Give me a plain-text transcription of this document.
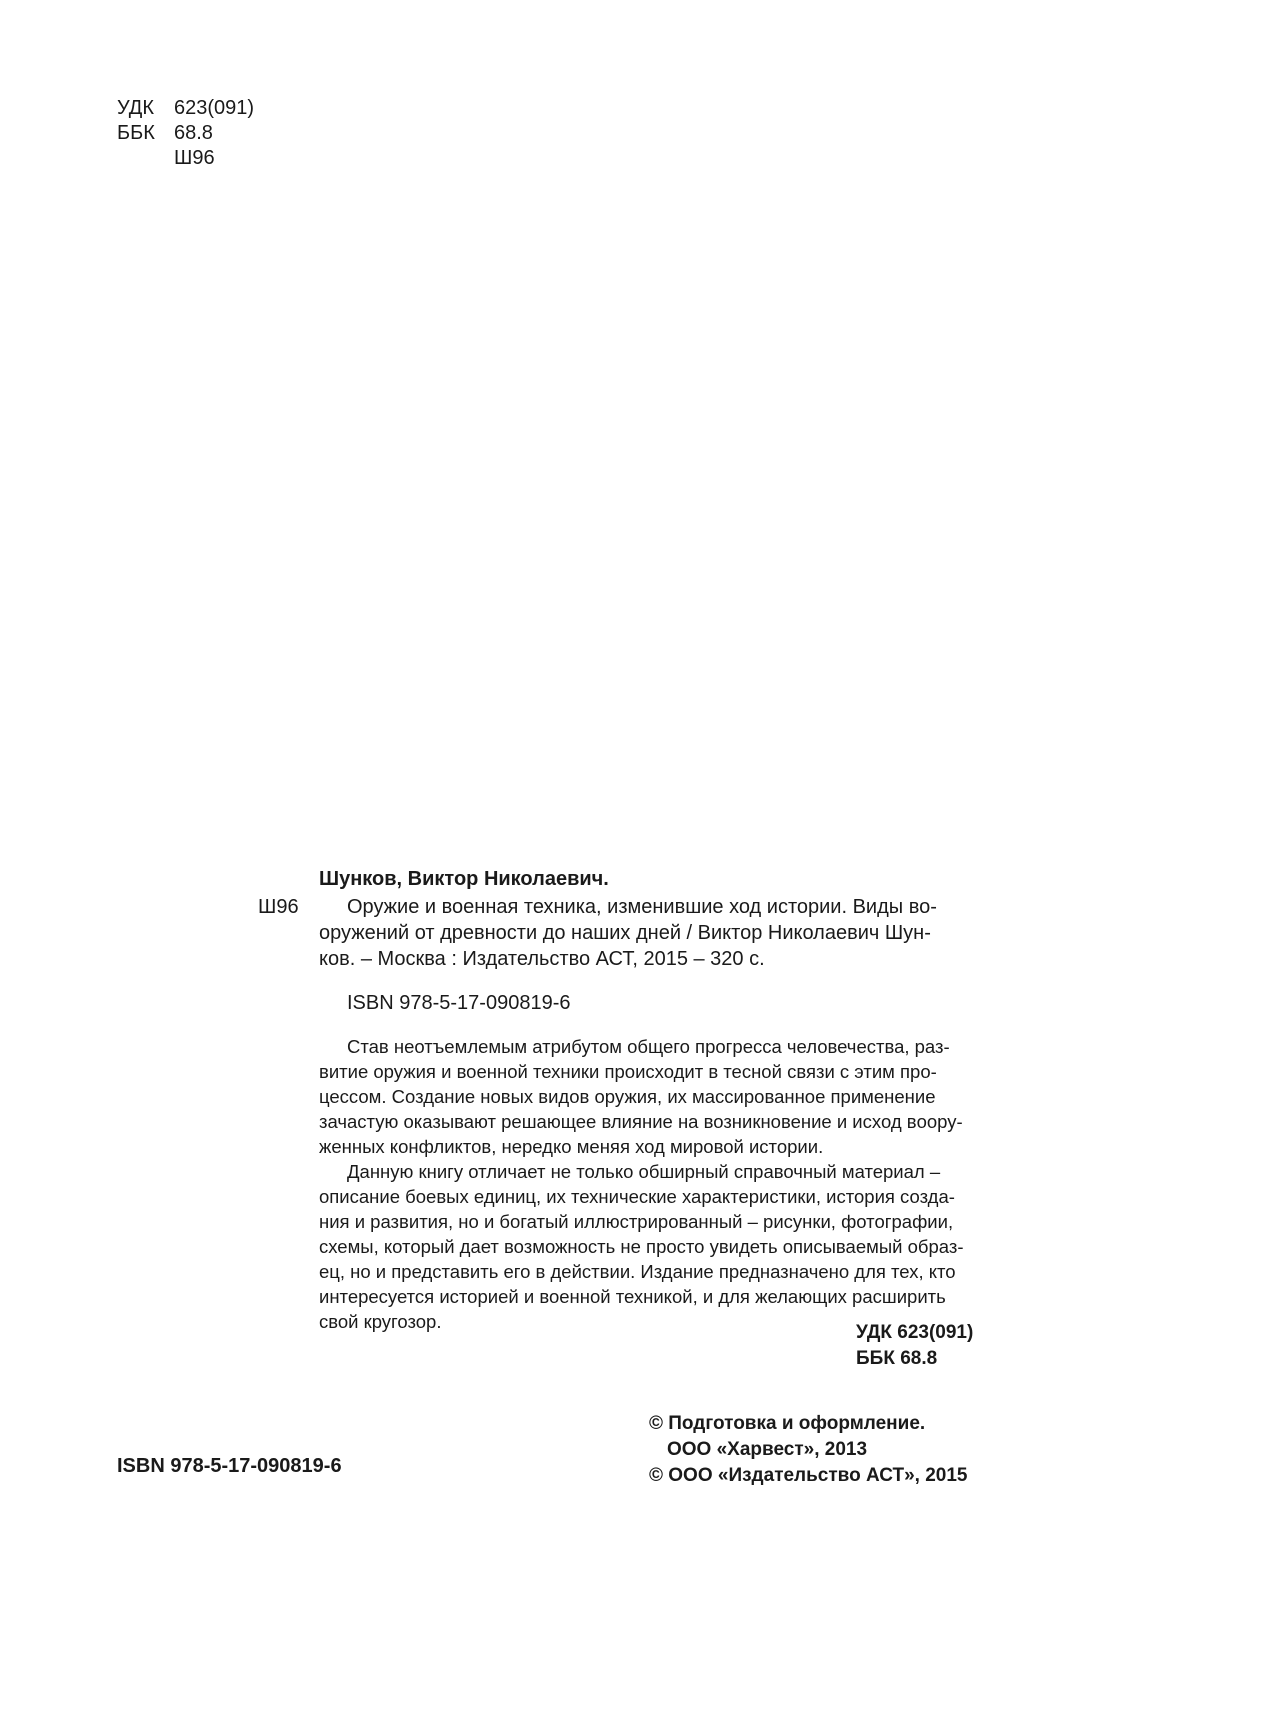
УДК 623(091)
ББК 68.8
Ш96
Шунков, Виктор Николаевич.
Ш96	Оружие и военная техника, изменившие ход истории. Виды во-
оружений от древности до наших дней / Виктор Николаевич Шун-
ков. – Москва : Издательство АСТ, 2015 – 320 с.
ISBN 978-5-17-090819-6
Став неотъемлемым атрибутом общего прогресса человечества, раз-
витие оружия и военной техники происходит в тесной связи с этим про-
цессом. Создание новых видов оружия, их массированное применение
зачастую оказывают решающее влияние на возникновение и исход вoору-
женных конфликтов, нередко меняя ход мировой истории.
Данную книгу отличает не только обширный справочный материал –
описание боевых единиц, их технические характеристики, история созда-
ния и развития, но и богатый иллюстрированный – рисунки, фотографии,
схемы, который дает возможность не просто увидеть описываемый образ-
ец, но и представить его в действии. Издание предназначено для тех, кто
интересуется историей и военной техникой, и для желающих расширить
свой кругозор.
УДК 623(091)
ББК 68.8
© Подготовка и оформление.
ООО «Харвест», 2013
© ООО «Издательство АСТ», 2015
ISBN 978-5-17-090819-6
